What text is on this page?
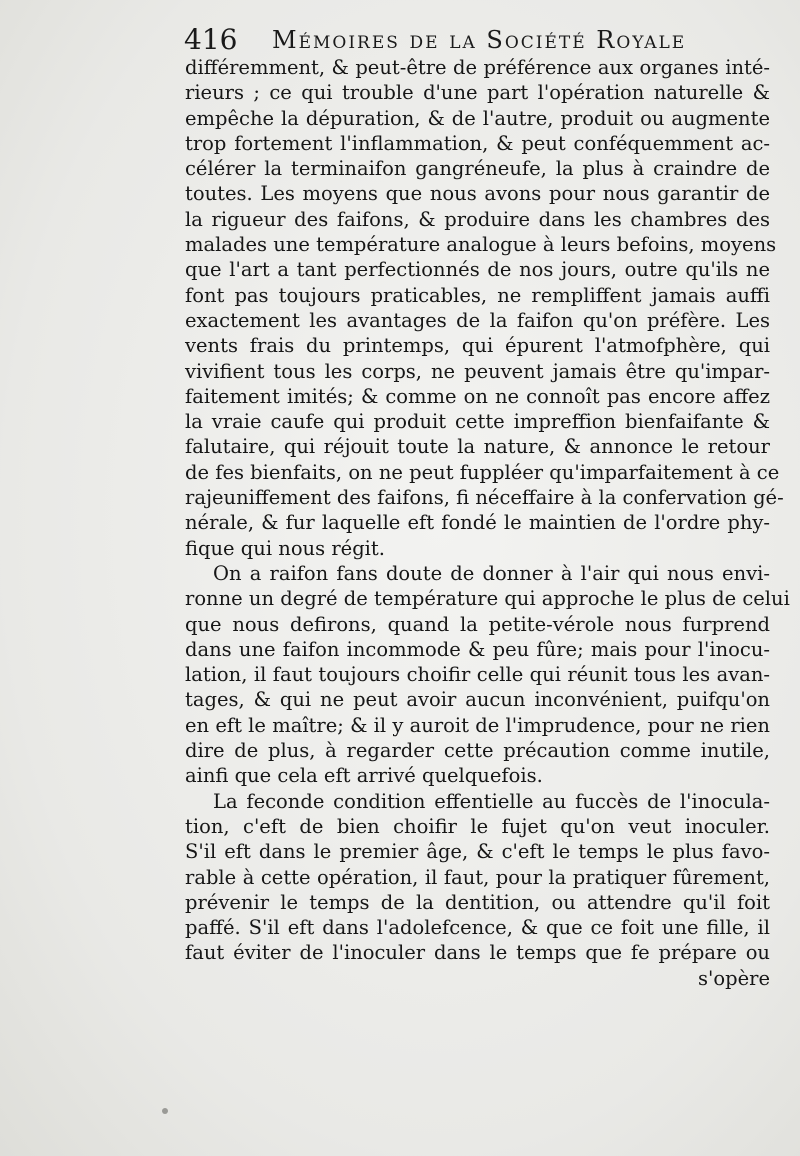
416 Mémoires de la Société Royale
différemment, & peut-être de préférence aux organes inté-
rieurs ; ce qui trouble d'une part l'opération naturelle &
empêche la dépuration, & de l'autre, produit ou augmente
trop fortement l'inflammation, & peut conféquemment ac-
célérer la terminaifon gangréneufe, la plus à craindre de
toutes. Les moyens que nous avons pour nous garantir de
la rigueur des faifons, & produire dans les chambres des
malades une température analogue à leurs befoins, moyens
que l'art a tant perfectionnés de nos jours, outre qu'ils ne
font pas toujours praticables, ne rempliffent jamais auffi
exactement les avantages de la faifon qu'on préfère. Les
vents frais du printemps, qui épurent l'atmofphère, qui
vivifient tous les corps, ne peuvent jamais être qu'impar-
faitement imités; & comme on ne connoît pas encore affez
la vraie caufe qui produit cette impreffion bienfaifante &
falutaire, qui réjouit toute la nature, & annonce le retour
de fes bienfaits, on ne peut fuppléer qu'imparfaitement à ce
rajeuniffement des faifons, fi néceffaire à la confervation gé-
nérale, & fur laquelle eft fondé le maintien de l'ordre phy-
fique qui nous régit.
On a raifon fans doute de donner à l'air qui nous envi-
ronne un degré de température qui approche le plus de celui
que nous defirons, quand la petite-vérole nous furprend
dans une faifon incommode & peu fûre; mais pour l'inocu-
lation, il faut toujours choifir celle qui réunit tous les avan-
tages, & qui ne peut avoir aucun inconvénient, puifqu'on
en eft le maître; & il y auroit de l'imprudence, pour ne rien
dire de plus, à regarder cette précaution comme inutile,
ainfi que cela eft arrivé quelquefois.
La feconde condition effentielle au fuccès de l'inocula-
tion, c'eft de bien choifir le fujet qu'on veut inoculer.
S'il eft dans le premier âge, & c'eft le temps le plus favo-
rable à cette opération, il faut, pour la pratiquer fûrement,
prévenir le temps de la dentition, ou attendre qu'il foit
paffé. S'il eft dans l'adolefcence, & que ce foit une fille, il
faut éviter de l'inoculer dans le temps que fe prépare ou
s'opère
